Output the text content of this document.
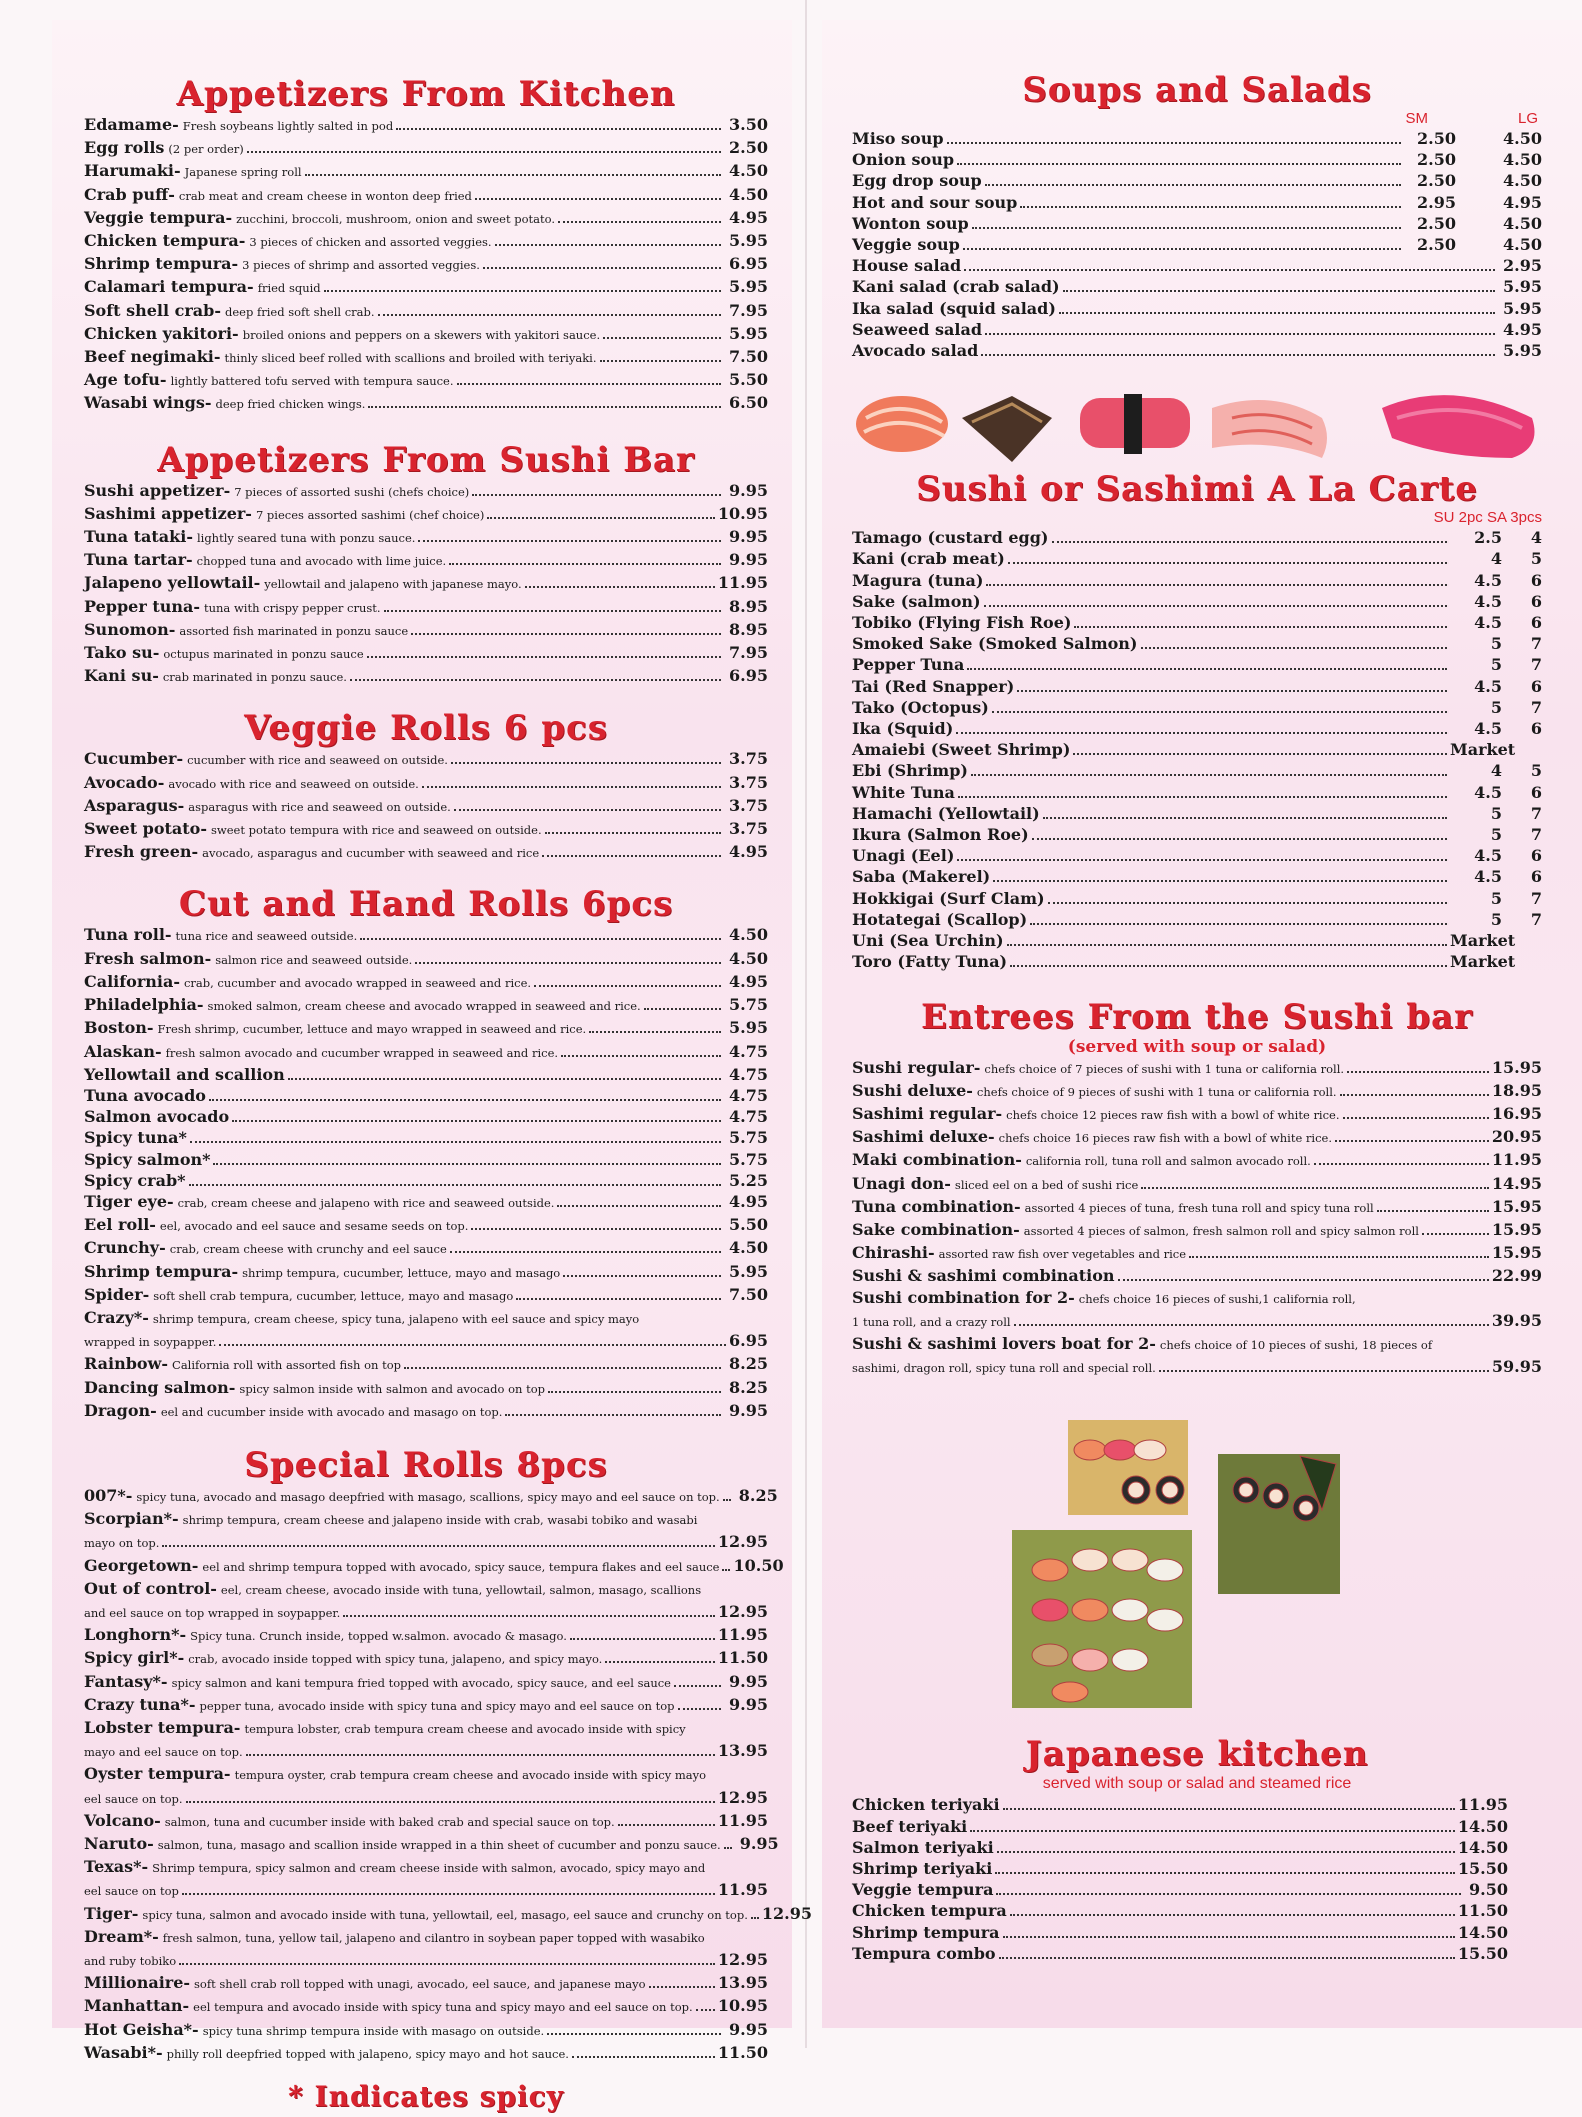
Appetizers From Kitchen
Edamame- Fresh soybeans lightly salted in pod	3.50
Egg rolls (2 per order)	2.50
Harumaki- Japanese spring roll	4.50
Crab puff- crab meat and cream cheese in wonton deep fried	4.50
Veggie tempura- zucchini, broccoli, mushroom, onion and sweet potato.	4.95
Chicken tempura- 3 pieces of chicken and assorted veggies.	5.95
Shrimp tempura- 3 pieces of shrimp and assorted veggies.	6.95
Calamari tempura- fried squid	5.95
Soft shell crab- deep fried soft shell crab.	7.95
Chicken yakitori- broiled onions and peppers on a skewers with yakitori sauce.	5.95
Beef negimaki- thinly sliced beef rolled with scallions and broiled with teriyaki.	7.50
Age tofu- lightly battered tofu served with tempura sauce.	5.50
Wasabi wings- deep fried chicken wings.	6.50
Appetizers From Sushi Bar
Sushi appetizer- 7 pieces of assorted sushi (chefs choice)	9.95
Sashimi appetizer- 7 pieces assorted sashimi (chef choice)	10.95
Tuna tataki- lightly seared tuna with ponzu sauce.	9.95
Tuna tartar- chopped tuna and avocado with lime juice.	9.95
Jalapeno yellowtail- yellowtail and jalapeno with japanese mayo.	11.95
Pepper tuna- tuna with crispy pepper crust.	8.95
Sunomon- assorted fish marinated in ponzu sauce	8.95
Tako su- octupus marinated in ponzu sauce	7.95
Kani su- crab marinated in ponzu sauce.	6.95
Veggie Rolls 6 pcs
Cucumber- cucumber with rice and seaweed on outside.	3.75
Avocado- avocado with rice and seaweed on outside.	3.75
Asparagus- asparagus with rice and seaweed on outside.	3.75
Sweet potato- sweet potato tempura with rice and seaweed on outside.	3.75
Fresh green- avocado, asparagus and cucumber with seaweed and rice	4.95
Cut and Hand Rolls 6pcs
Tuna roll- tuna rice and seaweed outside.	4.50
Fresh salmon- salmon rice and seaweed outside.	4.50
California- crab, cucumber and avocado wrapped in seaweed and rice.	4.95
Philadelphia- smoked salmon, cream cheese and avocado wrapped in seaweed and rice.	5.75
Boston- Fresh shrimp, cucumber, lettuce and mayo wrapped in seaweed and rice.	5.95
Alaskan- fresh salmon avocado and cucumber wrapped in seaweed and rice.	4.75
Yellowtail and scallion	4.75
Tuna avocado	4.75
Salmon avocado	4.75
Spicy tuna*	5.75
Spicy salmon*	5.75
Spicy crab*	5.25
Tiger eye- crab, cream cheese and jalapeno with rice and seaweed outside.	4.95
Eel roll- eel, avocado and eel sauce and sesame seeds on top.	5.50
Crunchy- crab, cream cheese with crunchy and eel sauce	4.50
Shrimp tempura- shrimp tempura, cucumber, lettuce, mayo and masago	5.95
Spider- soft shell crab tempura, cucumber, lettuce, mayo and masago	7.50
Crazy*- shrimp tempura, cream cheese, spicy tuna, jalapeno with eel sauce and spicy mayo
wrapped in soypapper.	6.95
Rainbow- California roll with assorted fish on top	8.25
Dancing salmon- spicy salmon inside with salmon and avocado on top	8.25
Dragon- eel and cucumber inside with avocado and masago on top.	9.95
Special Rolls 8pcs
007*- spicy tuna, avocado and masago deepfried with masago, scallions, spicy mayo and eel sauce on top.	8.25
Scorpian*- shrimp tempura, cream cheese and jalapeno inside with crab, wasabi tobiko and wasabi
mayo on top.	12.95
Georgetown- eel and shrimp tempura topped with avocado, spicy sauce, tempura flakes and eel sauce 10.50
Out of control- eel, cream cheese, avocado inside with tuna, yellowtail, salmon, masago, scallions
and eel sauce on top wrapped in soypapper.	12.95
Longhorn*- Spicy tuna. Crunch inside, topped w.salmon. avocado & masago.	11.95
Spicy girl*- crab, avocado inside topped with spicy tuna, jalapeno, and spicy mayo.	11.50
Fantasy*- spicy salmon and kani tempura fried topped with avocado, spicy sauce, and eel sauce	9.95
Crazy tuna*- pepper tuna, avocado inside with spicy tuna and spicy mayo and eel sauce on top	9.95
Lobster tempura- tempura lobster, crab tempura cream cheese and avocado inside with spicy
mayo and eel sauce on top.	13.95
Oyster tempura- tempura oyster, crab tempura cream cheese and avocado inside with spicy mayo
eel sauce on top.	12.95
Volcano- salmon, tuna and cucumber inside with baked crab and special sauce on top.	11.95
Naruto- salmon, tuna, masago and scallion inside wrapped in a thin sheet of cucumber and ponzu sauce.	9.95
Texas*- Shrimp tempura, spicy salmon and cream cheese inside with salmon, avocado, spicy mayo and
eel sauce on top	11.95
Tiger- spicy tuna, salmon and avocado inside with tuna, yellowtail, eel, masago, eel sauce and crunchy on top. 12.95
Dream*- fresh salmon, tuna, yellow tail, jalapeno and cilantro in soybean paper topped with wasabiko
and ruby tobiko	12.95
Millionaire- soft shell crab roll topped with unagi, avocado, eel sauce, and japanese mayo	13.95
Manhattan- eel tempura and avocado inside with spicy tuna and spicy mayo and eel sauce on top. 10.95
Hot Geisha*- spicy tuna shrimp tempura inside with masago on outside.	9.95
Wasabi*- philly roll deepfried topped with jalapeno, spicy mayo and hot sauce.	11.50
* Indicates spicy
Soups and Salads
SM	LG
Miso soup	2.50	4.50
Onion soup	2.50	4.50
Egg drop soup	2.50	4.50
Hot and sour soup	2.95	4.95
Wonton soup	2.50	4.50
Veggie soup	2.50	4.50
House salad	2.95
Kani salad (crab salad)	5.95
Ika salad (squid salad)	5.95
Seaweed salad	4.95
Avocado salad	5.95
Sushi or Sashimi A La Carte
SU 2pc SA 3pcs
Tamago (custard egg)	2.5	4
Kani (crab meat)	4	5
Magura (tuna)	4.5	6
Sake (salmon)	4.5	6
Tobiko (Flying Fish Roe)	4.5	6
Smoked Sake (Smoked Salmon)	5	7
Pepper Tuna	5	7
Tai (Red Snapper)	4.5	6
Tako (Octopus)	5	7
Ika (Squid)	4.5	6
Amaiebi (Sweet Shrimp)	Market
Ebi (Shrimp)	4	5
White Tuna	4.5	6
Hamachi (Yellowtail)	5	7
Ikura (Salmon Roe)	5	7
Unagi (Eel)	4.5	6
Saba (Makerel)	4.5	6
Hokkigai (Surf Clam)	5	7
Hotategai (Scallop)	5	7
Uni (Sea Urchin)	Market
Toro (Fatty Tuna)	Market
Entrees From the Sushi bar
(served with soup or salad)
Sushi regular- chefs choice of 7 pieces of sushi with 1 tuna or california roll.	15.95
Sushi deluxe- chefs choice of 9 pieces of sushi with 1 tuna or california roll.	18.95
Sashimi regular- chefs choice 12 pieces raw fish with a bowl of white rice.	16.95
Sashimi deluxe- chefs choice 16 pieces raw fish with a bowl of white rice.	20.95
Maki combination- california roll, tuna roll and salmon avocado roll.	11.95
Unagi don- sliced eel on a bed of sushi rice	14.95
Tuna combination- assorted 4 pieces of tuna, fresh tuna roll and spicy tuna roll	15.95
Sake combination- assorted 4 pieces of salmon, fresh salmon roll and spicy salmon roll	15.95
Chirashi- assorted raw fish over vegetables and rice	15.95
Sushi & sashimi combination	22.99
Sushi combination for 2- chefs choice 16 pieces of sushi,1 california roll,
1 tuna roll, and a crazy roll	39.95
Sushi & sashimi lovers boat for 2- chefs choice of 10 pieces of sushi, 18 pieces of
sashimi, dragon roll, spicy tuna roll and special roll.	59.95
Japanese kitchen
served with soup or salad and steamed rice
Chicken teriyaki	11.95
Beef teriyaki	14.50
Salmon teriyaki	14.50
Shrimp teriyaki	15.50
Veggie tempura	9.50
Chicken tempura	11.50
Shrimp tempura	14.50
Tempura combo	15.50
